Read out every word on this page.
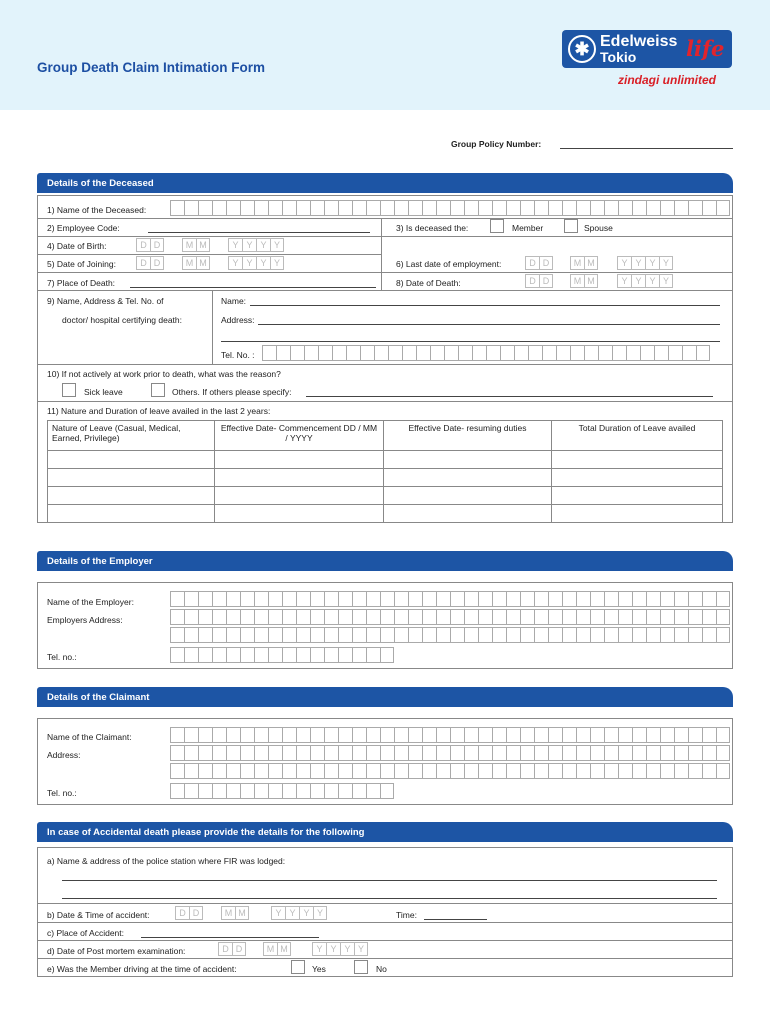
Group Death Claim Intimation Form
✱ Edelweiss
Tokio life
zindagi unlimited
Group Policy Number:
Details of the Deceased
1) Name of the Deceased:
2) Employee Code:	3) Is deceased the:	Member	Spouse
4) Date of Birth:	D D	M M	Y Y Y Y
5) Date of Joining:	D D	M M	Y Y Y Y	6) Last date of employment:	D D	M M	Y Y Y Y
7) Place of Death:	8) Date of Death:	D D	M M	Y Y Y Y
9) Name, Address & Tel. No. of
doctor/ hospital certifying death:
Name:
Address:
Tel. No. :
10) If not actively at work prior to death, what was the reason?
Sick leave	Others. If others please specify:
11) Nature and Duration of leave availed in the last 2 years:
Nature of Leave (Casual, Medical, Earned, Privilege)	Effective Date- Commencement DD / MM / YYYY	Effective Date- resuming duties	Total Duration of Leave availed

Details of the Employer
Name of the Employer:
Employers Address:
Tel. no.:
Details of the Claimant
Name of the Claimant:
Address:
Tel. no.:
In case of Accidental death please provide the details for the following
a) Name & address of the police station where FIR was lodged:
b) Date & Time of accident:	D D	M M	Y Y Y Y	Time:
c) Place of Accident:
d) Date of Post mortem examination:	D D	M M	Y Y Y Y
e) Was the Member driving at the time of accident:	Yes	No
